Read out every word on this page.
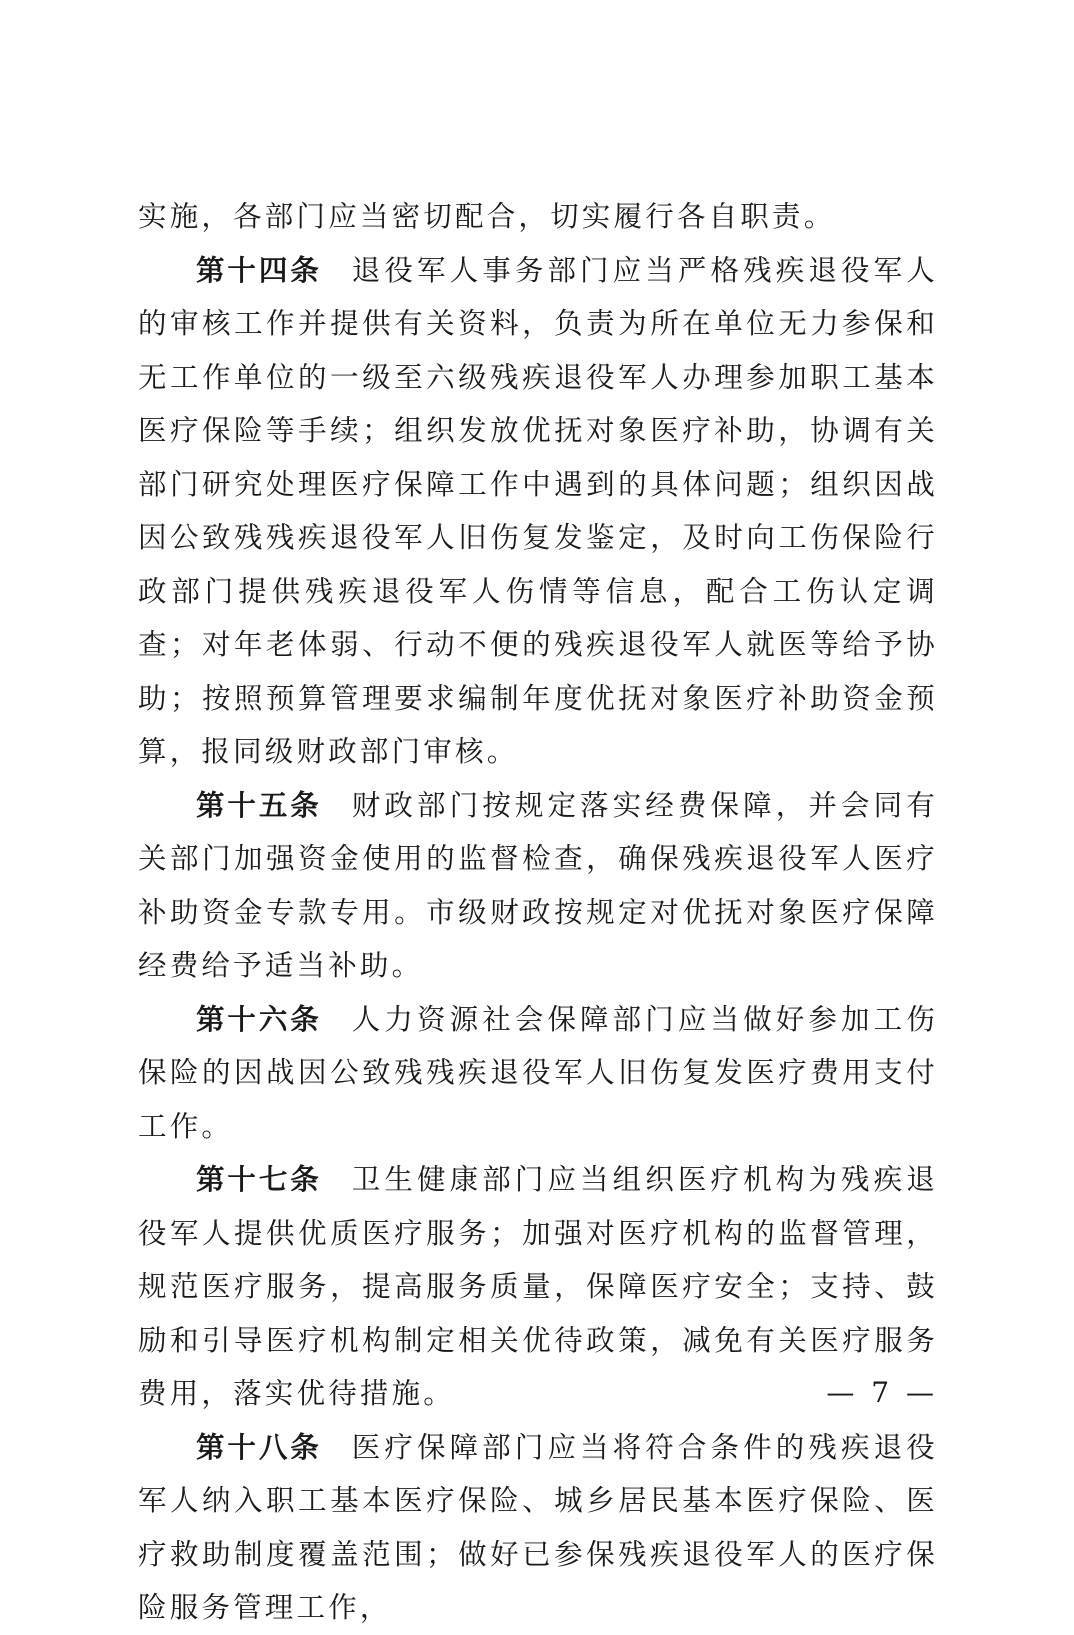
实施，各部门应当密切配合，切实履行各自职责。

第十四条 退役军人事务部门应当严格残疾退役军人的审核工作并提供有关资料，负责为所在单位无力参保和无工作单位的一级至六级残疾退役军人办理参加职工基本医疗保险等手续；组织发放优抚对象医疗补助，协调有关部门研究处理医疗保障工作中遇到的具体问题；组织因战因公致残残疾退役军人旧伤复发鉴定，及时向工伤保险行政部门提供残疾退役军人伤情等信息，配合工伤认定调查；对年老体弱、行动不便的残疾退役军人就医等给予协助；按照预算管理要求编制年度优抚对象医疗补助资金预算，报同级财政部门审核。

第十五条 财政部门按规定落实经费保障，并会同有关部门加强资金使用的监督检查，确保残疾退役军人医疗补助资金专款专用。市级财政按规定对优抚对象医疗保障经费给予适当补助。

第十六条 人力资源社会保障部门应当做好参加工伤保险的因战因公致残残疾退役军人旧伤复发医疗费用支付工作。

第十七条 卫生健康部门应当组织医疗机构为残疾退役军人提供优质医疗服务；加强对医疗机构的监督管理，规范医疗服务，提高服务质量，保障医疗安全；支持、鼓励和引导医疗机构制定相关优待政策，减免有关医疗服务费用，落实优待措施。

第十八条 医疗保障部门应当将符合条件的残疾退役军人纳入职工基本医疗保险、城乡居民基本医疗保险、医疗救助制度覆盖范围；做好已参保残疾退役军人的医疗保险服务管理工作，

— 7 —
